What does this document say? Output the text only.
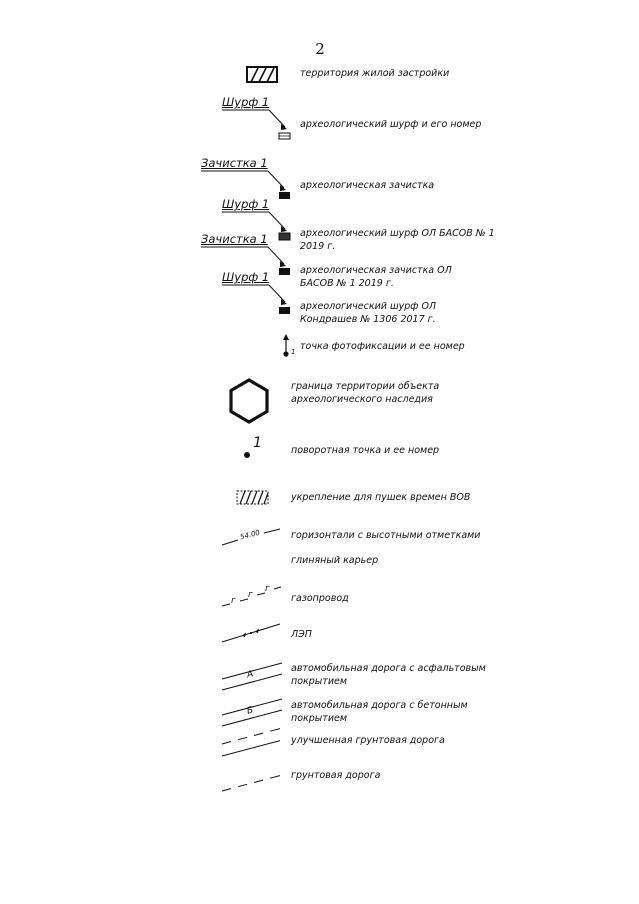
2
территория жилой застройки
Шурф 1
археологический шурф и его номер
Зачистка 1
археологическая зачистка
Шурф 1
археологический шурф ОЛ БАСОВ № 1 2019 г.
Зачистка 1
археологическая зачистка ОЛ БАСОВ № 1 2019 г.
Шурф 1
археологический шурф ОЛ Кондрашев № 1306 2017 г.
1 точка фотофиксации и ее номер
граница территории объекта археологического наследия
1	поворотная точка и ее номер
укрепление для пушек времен ВОВ
54.00	горизонтали с высотными отметками
глиняный карьер
г
г
г
газопровод
ЛЭП
А
автомобильная дорога с асфальтовым покрытием
Б	автомобильная дорога с бетонным покрытием
улучшенная грунтовая дорога
грунтовая дорога
